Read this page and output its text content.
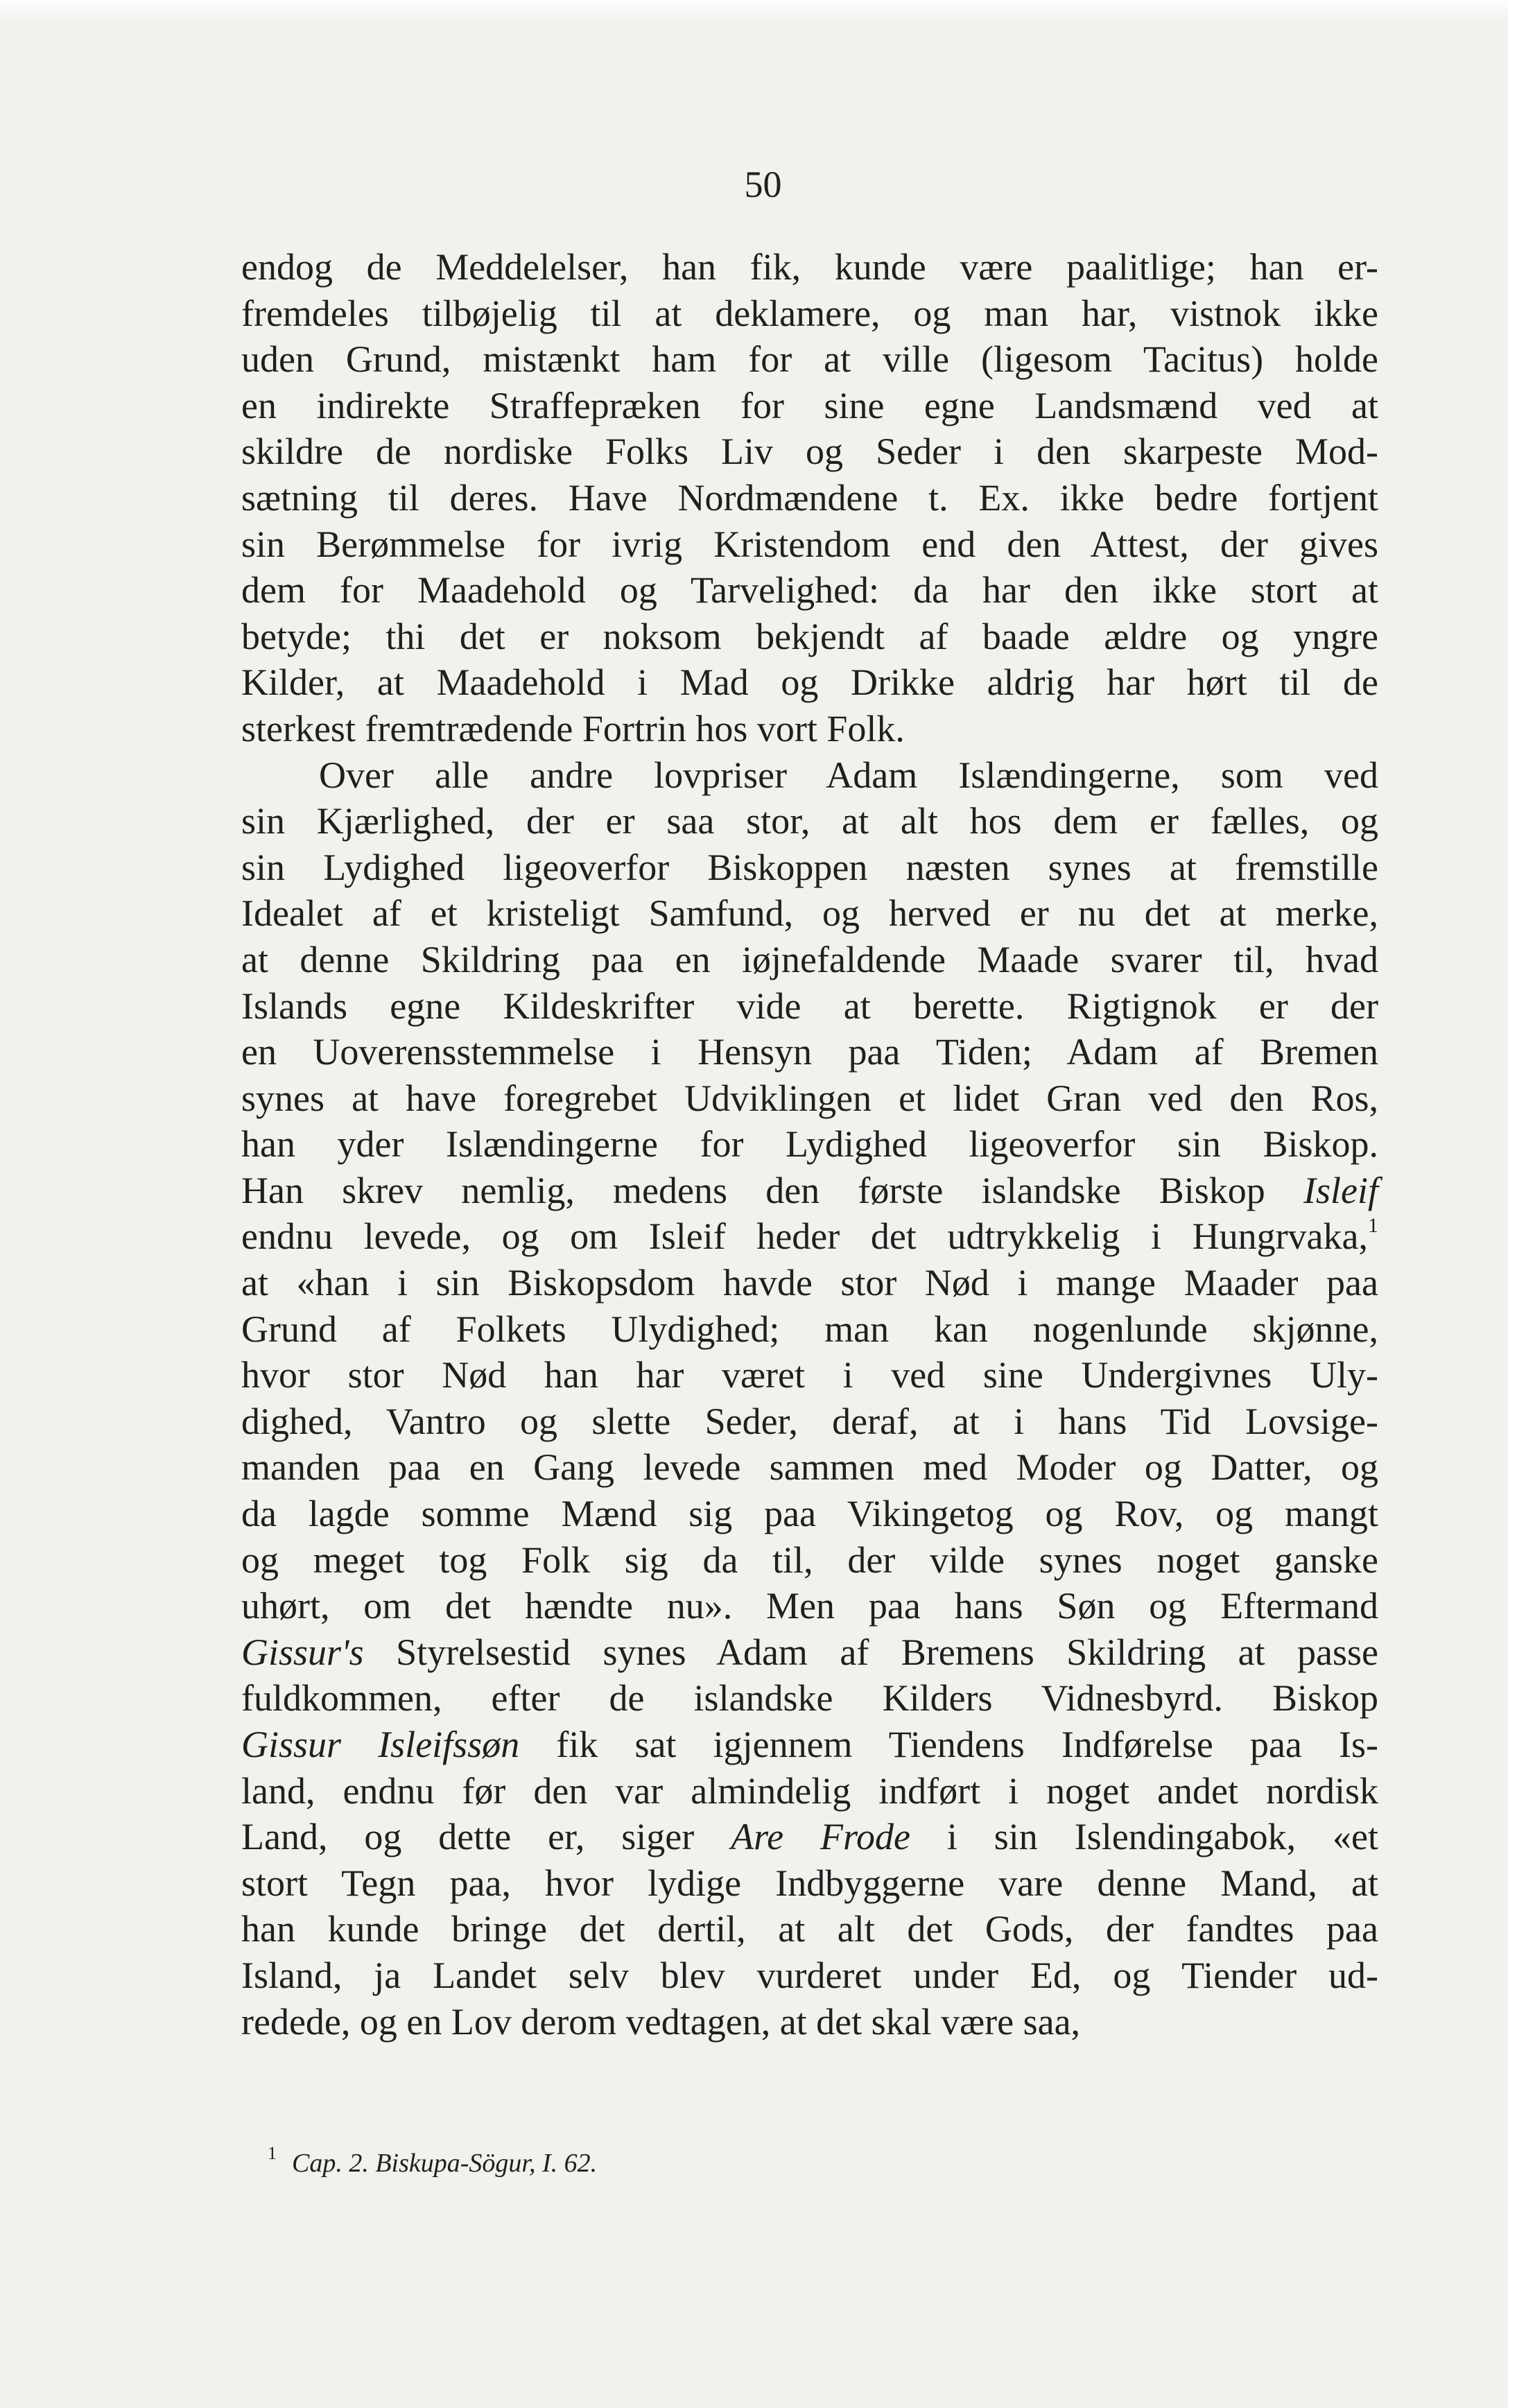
50
endog de Meddelelser, han fik, kunde være paalitlige; han er-
fremdeles tilbøjelig til at deklamere, og man har, vistnok ikke
uden Grund, mistænkt ham for at ville (ligesom Tacitus) holde
en indirekte Straffepræken for sine egne Landsmænd ved at
skildre de nordiske Folks Liv og Seder i den skarpeste Mod-
sætning til deres. Have Nordmændene t. Ex. ikke bedre fortjent
sin Berømmelse for ivrig Kristendom end den Attest, der gives
dem for Maadehold og Tarvelighed: da har den ikke stort at
betyde; thi det er noksom bekjendt af baade ældre og yngre
Kilder, at Maadehold i Mad og Drikke aldrig har hørt til de
sterkest fremtrædende Fortrin hos vort Folk.
Over alle andre lovpriser Adam Islændingerne, som ved
sin Kjærlighed, der er saa stor, at alt hos dem er fælles, og
sin Lydighed ligeoverfor Biskoppen næsten synes at fremstille
Idealet af et kristeligt Samfund, og herved er nu det at merke,
at denne Skildring paa en iøjnefaldende Maade svarer til, hvad
Islands egne Kildeskrifter vide at berette. Rigtignok er der
en Uoverensstemmelse i Hensyn paa Tiden; Adam af Bremen
synes at have foregrebet Udviklingen et lidet Gran ved den Ros,
han yder Islændingerne for Lydighed ligeoverfor sin Biskop.
Han skrev nemlig, medens den første islandske Biskop Isleif
endnu levede, og om Isleif heder det udtrykkelig i Hungrvaka,$^1$
at «han i sin Biskopsdom havde stor Nød i mange Maader paa
Grund af Folkets Ulydighed; man kan nogenlunde skjønne,
hvor stor Nød han har været i ved sine Undergivnes Uly-
dighed, Vantro og slette Seder, deraf, at i hans Tid Lovsige-
manden paa en Gang levede sammen med Moder og Datter, og
da lagde somme Mænd sig paa Vikingetog og Rov, og mangt
og meget tog Folk sig da til, der vilde synes noget ganske
uhørt, om det hændte nu». Men paa hans Søn og Eftermand
Gissur's Styrelsestid synes Adam af Bremens Skildring at passe
fuldkommen, efter de islandske Kilders Vidnesbyrd. Biskop
Gissur Isleifssøn fik sat igjennem Tiendens Indførelse paa Is-
land, endnu før den var almindelig indført i noget andet nordisk
Land, og dette er, siger Are Frode i sin Islendingabok, «et
stort Tegn paa, hvor lydige Indbyggerne vare denne Mand, at
han kunde bringe det dertil, at alt det Gods, der fandtes paa
Island, ja Landet selv blev vurderet under Ed, og Tiender ud-
redede, og en Lov derom vedtagen, at det skal være saa,
$^1$ Cap. 2. Biskupa-Sögur, I. 62.
